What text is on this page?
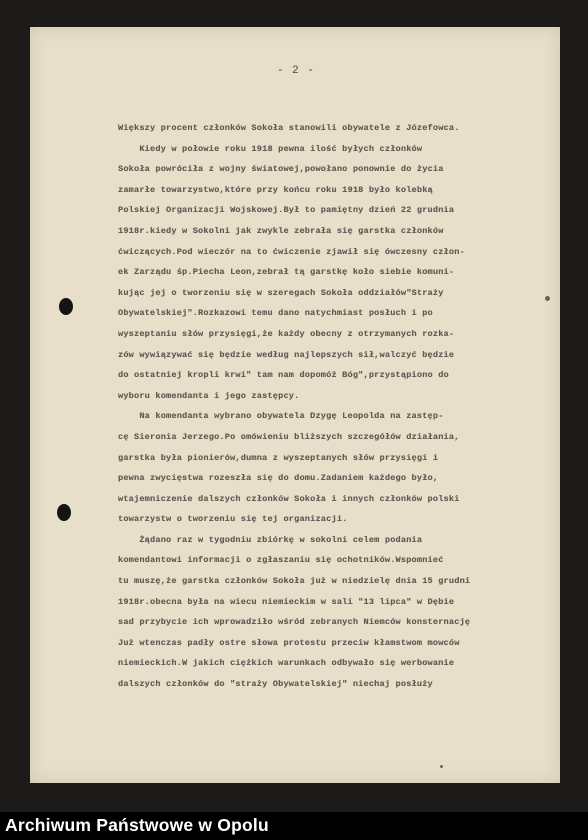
- 2 -
Większy procent członków Sokoła stanowili obywatele z Józefowca.
Kiedy w połowie roku 1918 pewna ilość byłych członków
Sokoła powróciła z wojny światowej,powołano ponownie do życia
zamarłe towarzystwo,które przy końcu roku 1918 było kolebką
Polskiej Organizacji Wojskowej.Był to pamiętny dzień 22 grudnia
1918r.kiedy w Sokolni jak zwykle zebrała się garstka członków
ćwiczących.Pod wieczór na to ćwiczenie zjawił się ówczesny człon-
ek Zarządu śp.Piecha Leon,zebrał tą garstkę koło siebie komuni-
kując jej o tworzeniu się w szeregach Sokoła oddziałów"Straży
Obywatelskiej".Rozkazowi temu dano natychmiast posłuch i po
wyszeptaniu słów przysięgi,że każdy obecny z otrzymanych rozka-
zów wywiązywać się będzie według najlepszych sił,walczyć będzie
do ostatniej kropli krwi" tam nam dopomóż Bóg",przystąpiono do
wyboru komendanta i jego zastępcy.
Na komendanta wybrano obywatela Dzygę Leopolda na zastęp-
cę Sieronia Jerzego.Po omówieniu bliższych szczegółów działania,
garstka była pionierów,dumna z wyszeptanych słów przysięgi i
pewna zwycięstwa rozeszła się do domu.Zadaniem każdego było,
wtajemniczenie dalszych członków Sokoła i innych członków polski
towarzystw o tworzeniu się tej organizacji.
Żądano raz w tygodniu zbiórkę w sokolni celem podania
komendantowi informacji o zgłaszaniu się ochotników.Wspomnieć
tu muszę,że garstka członków Sokoła już w niedzielę dnia 15 grudni
1918r.obecna była na wiecu niemieckim w sali "13 lipca" w Dębie
sad przybycie ich wprowadziło wśród zebranych Niemców konsternację
Już wtenczas padły ostre słowa protestu przeciw kłamstwom mowców
niemieckich.W jakich ciężkich warunkach odbywało się werbowanie
dalszych członków do "straży Obywatelskiej" niechaj posłuży
Archiwum Państwowe w Opolu
